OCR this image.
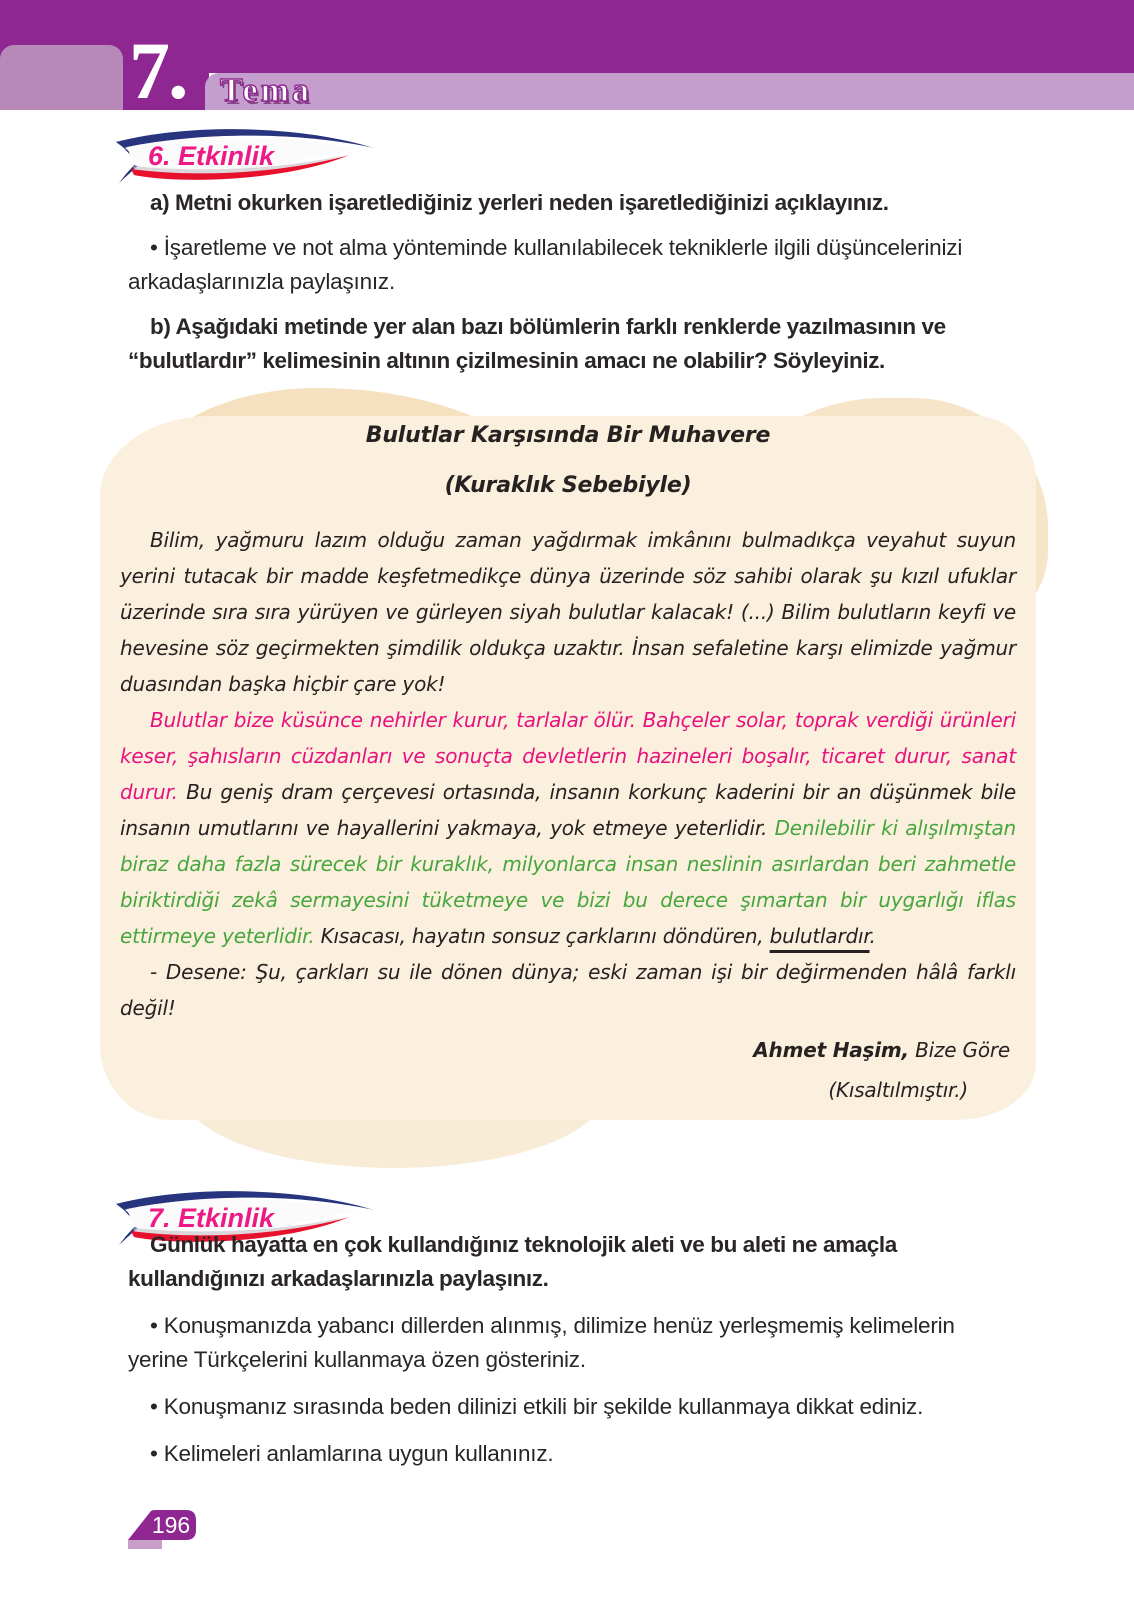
7. Tema
6. Etkinlik

a) Metni okurken işaretlediğiniz yerleri neden işaretlediğinizi açıklayınız.

• İşaretleme ve not alma yönteminde kullanılabilecek tekniklerle ilgili düşüncelerinizi arkadaşlarınızla paylaşınız.

b) Aşağıdaki metinde yer alan bazı bölümlerin farklı renklerde yazılmasının ve “bulutlardır” kelimesinin altının çizilmesinin amacı ne olabilir? Söyleyiniz.

Bulutlar Karşısında Bir Muhavere

(Kuraklık Sebebiyle)

Bilim, yağmuru lazım olduğu zaman yağdırmak imkânını bulmadıkça veyahut suyun yerini tutacak bir madde keşfetmedikçe dünya üzerinde söz sahibi olarak şu kızıl ufuklar üzerinde sıra sıra yürüyen ve gürleyen siyah bulutlar kalacak! (...) Bilim bulutların keyfi ve hevesine söz geçirmekten şimdilik oldukça uzaktır. İnsan sefaletine karşı elimizde yağmur duasından başka hiçbir çare yok!

Bulutlar bize küsünce nehirler kurur, tarlalar ölür. Bahçeler solar, toprak verdiği ürünleri keser, şahısların cüzdanları ve sonuçta devletlerin hazineleri boşalır, ticaret durur, sanat durur. Bu geniş dram çerçevesi ortasında, insanın korkunç kaderini bir an düşünmek bile insanın umutlarını ve hayallerini yakmaya, yok etmeye yeterlidir. Denilebilir ki alışılmıştan biraz daha fazla sürecek bir kuraklık, milyonlarca insan neslinin asırlardan beri zahmetle biriktirdiği zekâ sermayesini tüketmeye ve bizi bu derece şımartan bir uygarlığı iflas ettirmeye yeterlidir. Kısacası, hayatın sonsuz çarklarını döndüren, bulutlardır.

- Desene: Şu, çarkları su ile dönen dünya; eski zaman işi bir değirmenden hâlâ farklı değil!

Ahmet Haşim, Bize Göre

(Kısaltılmıştır.)

7. Etkinlik

Günlük hayatta en çok kullandığınız teknolojik aleti ve bu aleti ne amaçla kullandığınızı arkadaşlarınızla paylaşınız.

• Konuşmanızda yabancı dillerden alınmış, dilimize henüz yerleşmemiş kelimelerin yerine Türkçelerini kullanmaya özen gösteriniz.

• Konuşmanız sırasında beden dilinizi etkili bir şekilde kullanmaya dikkat ediniz.

• Kelimeleri anlamlarına uygun kullanınız.

196
